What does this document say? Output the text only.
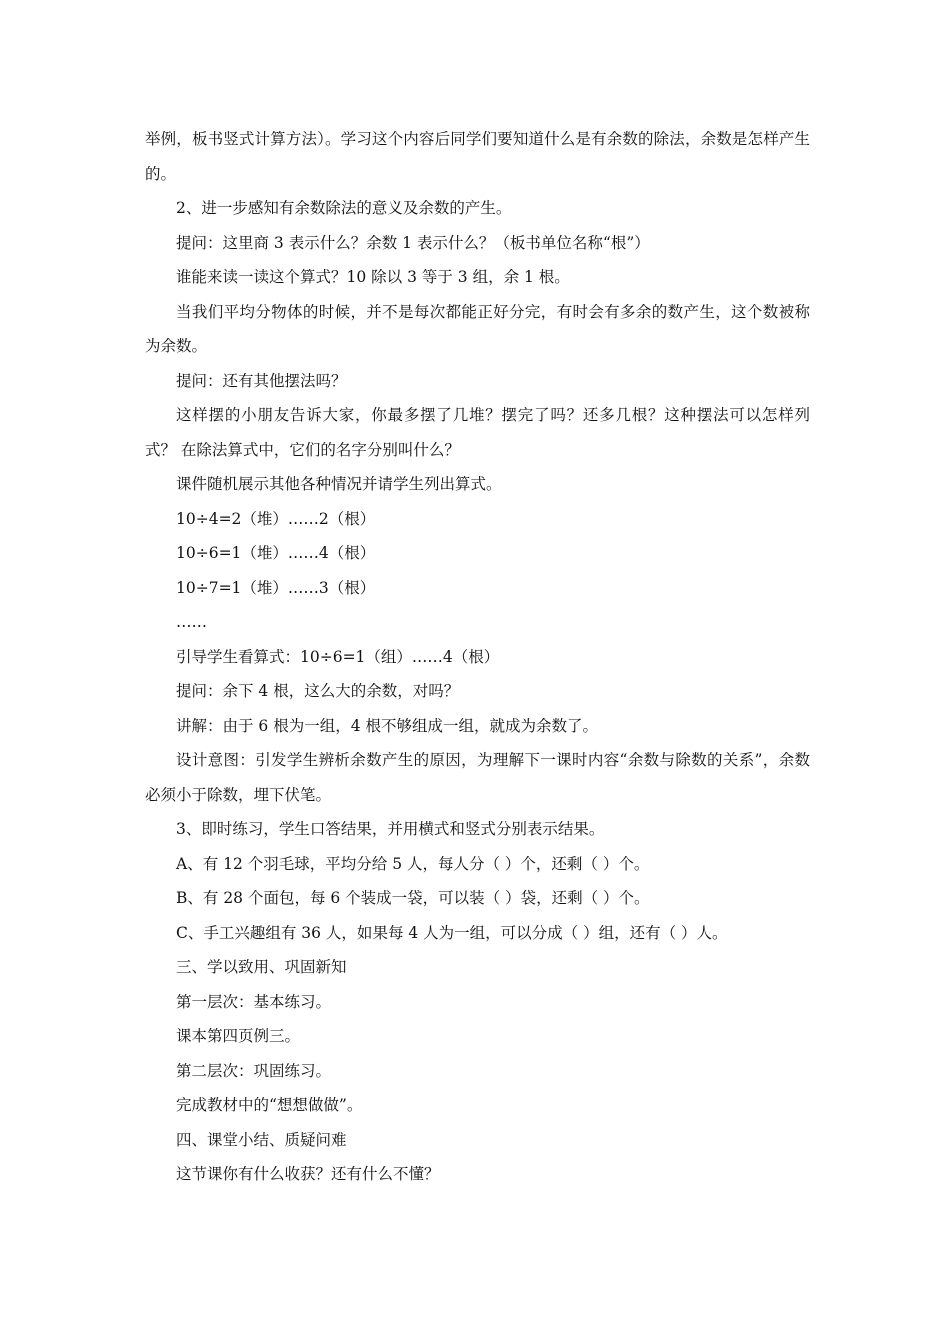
举例，板书竖式计算方法）。学习这个内容后同学们要知道什么是有余数的除法，余数是怎样产生的。

2、进一步感知有余数除法的意义及余数的产生。

提问：这里商 3 表示什么？余数 1 表示什么？（板书单位名称“根”）

谁能来读一读这个算式？10 除以 3 等于 3 组，余 1 根。

当我们平均分物体的时候，并不是每次都能正好分完，有时会有多余的数产生，这个数被称为余数。

提问：还有其他摆法吗？

这样摆的小朋友告诉大家，你最多摆了几堆？摆完了吗？还多几根？这种摆法可以怎样列式？ 在除法算式中，它们的名字分别叫什么？

课件随机展示其他各种情况并请学生列出算式。

10÷4=2（堆）……2（根）

10÷6=1（堆）……4（根）

10÷7=1（堆）……3（根）

……

引导学生看算式：10÷6=1（组）……4（根）

提问：余下 4 根，这么大的余数，对吗？

讲解：由于 6 根为一组，4 根不够组成一组，就成为余数了。

设计意图：引发学生辨析余数产生的原因，为理解下一课时内容“余数与除数的关系”，余数必须小于除数，埋下伏笔。

3、即时练习，学生口答结果，并用横式和竖式分别表示结果。

A、有 12 个羽毛球，平均分给 5 人，每人分（ ）个，还剩（ ）个。

B、有 28 个面包，每 6 个装成一袋，可以装（ ）袋，还剩（ ）个。

C、手工兴趣组有 36 人，如果每 4 人为一组，可以分成（ ）组，还有（ ）人。

三、学以致用、巩固新知

第一层次：基本练习。

课本第四页例三。

第二层次：巩固练习。

完成教材中的“想想做做”。

四、课堂小结、质疑问难

这节课你有什么收获？还有什么不懂？
